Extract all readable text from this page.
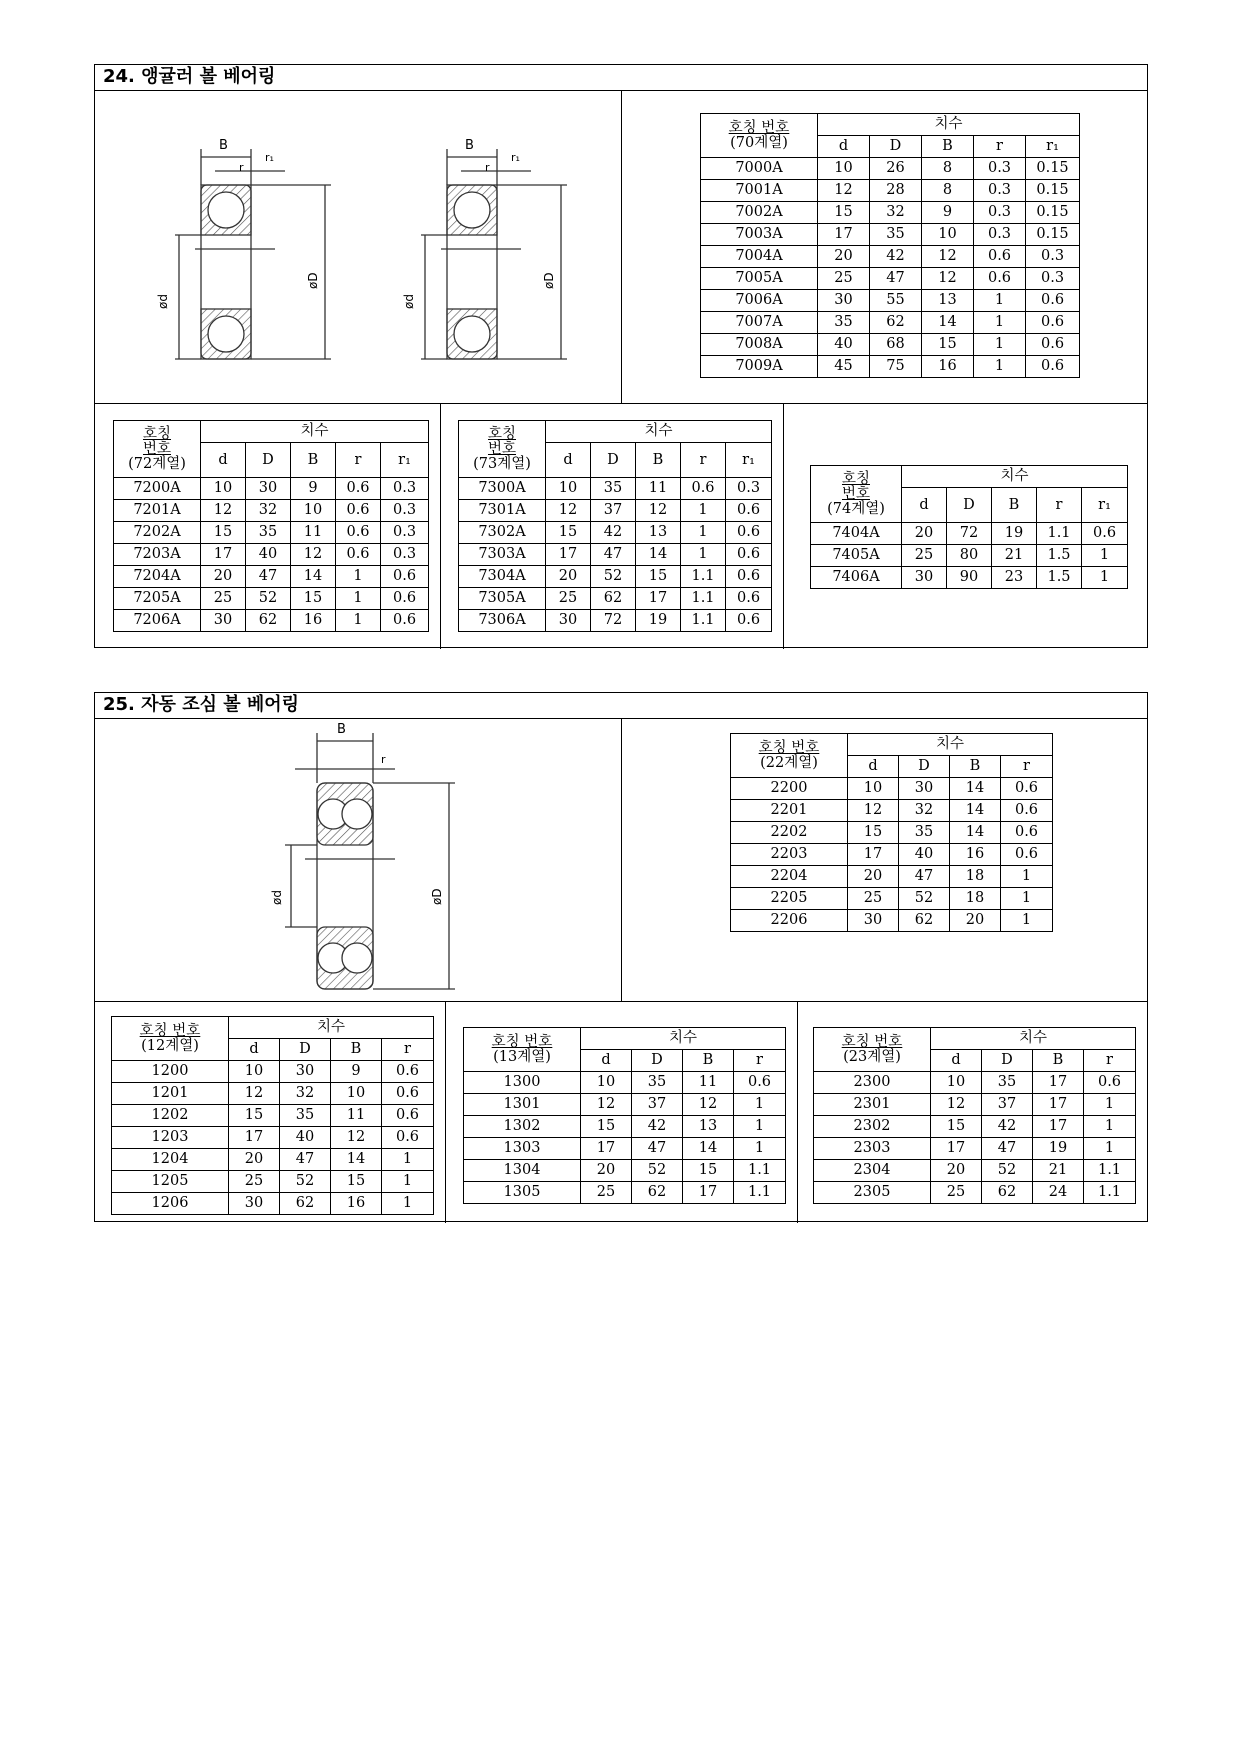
24. 앵귤러 볼 베어링
B
r₁
r
ød
øD
B
r₁
r
ød
øD
호칭 번호
(70계열)	치수				
	d	D	B	r	r₁
7000A	10	26	8	0.3	0.15
7001A	12	28	8	0.3	0.15
7002A	15	32	9	0.3	0.15
7003A	17	35	10	0.3	0.15
7004A	20	42	12	0.6	0.3
7005A	25	47	12	0.6	0.3
7006A	30	55	13	1	0.6
7007A	35	62	14	1	0.6
7008A	40	68	15	1	0.6
7009A	45	75	16	1	0.6
호칭
번호
(72계열)	치수				
	d	D	B	r	r₁
7200A	10	30	9	0.6	0.3
7201A	12	32	10	0.6	0.3
7202A	15	35	11	0.6	0.3
7203A	17	40	12	0.6	0.3
7204A	20	47	14	1	0.6
7205A	25	52	15	1	0.6
7206A	30	62	16	1	0.6
호칭
번호
(73계열)	치수				
	d	D	B	r	r₁
7300A	10	35	11	0.6	0.3
7301A	12	37	12	1	0.6
7302A	15	42	13	1	0.6
7303A	17	47	14	1	0.6
7304A	20	52	15	1.1	0.6
7305A	25	62	17	1.1	0.6
7306A	30	72	19	1.1	0.6
호칭
번호
(74계열)	치수				
	d	D	B	r	r₁
7404A	20	72	19	1.1	0.6
7405A	25	80	21	1.5	1
7406A	30	90	23	1.5	1
25. 자동 조심 볼 베어링
B
r
ød	øD
호칭 번호
(22계열)	치수			
	d	D	B	r
2200	10	30	14	0.6
2201	12	32	14	0.6
2202	15	35	14	0.6
2203	17	40	16	0.6
2204	20	47	18	1
2205	25	52	18	1
2206	30	62	20	1
호칭 번호
(12계열)	치수			
	d	D	B	r
1200	10	30	9	0.6
1201	12	32	10	0.6
1202	15	35	11	0.6
1203	17	40	12	0.6
1204	20	47	14	1
1205	25	52	15	1
1206	30	62	16	1
호칭 번호
(13계열)	치수			
	d	D	B	r
1300	10	35	11	0.6
1301	12	37	12	1
1302	15	42	13	1
1303	17	47	14	1
1304	20	52	15	1.1
1305	25	62	17	1.1
호칭 번호
(23계열)	치수			
	d	D	B	r
2300	10	35	17	0.6
2301	12	37	17	1
2302	15	42	17	1
2303	17	47	19	1
2304	20	52	21	1.1
2305	25	62	24	1.1
